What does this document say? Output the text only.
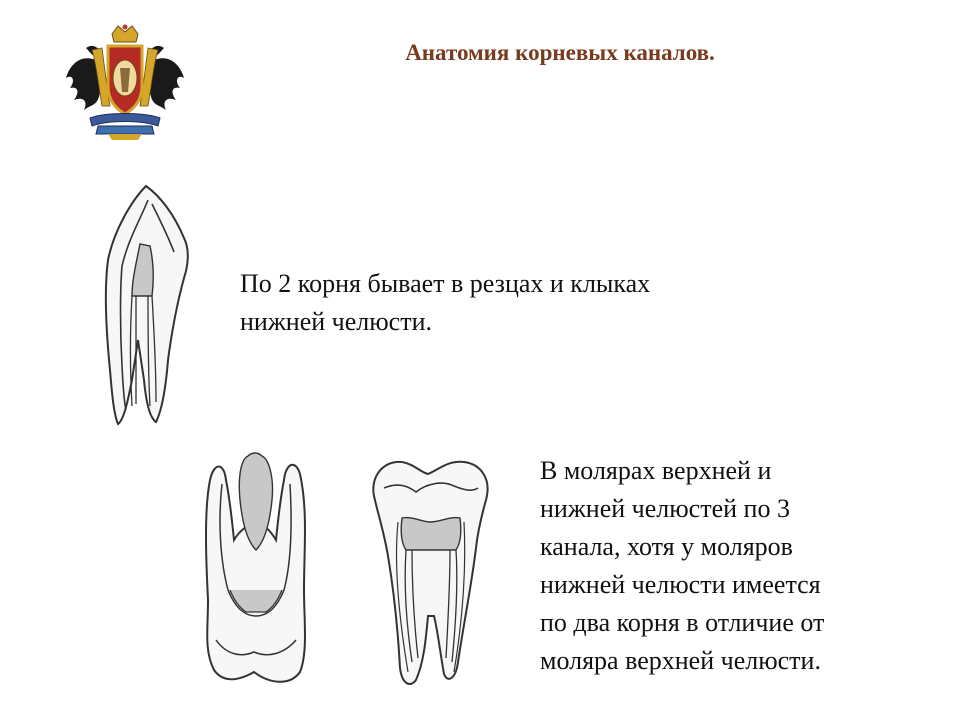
Анатомия корневых каналов.

По 2 корня бывает в резцах и клыках

нижней челюсти.

В молярах верхней и

нижней челюстей по 3

канала, хотя у моляров

нижней челюсти имеется

по два корня в отличие от

моляра верхней челюсти.
